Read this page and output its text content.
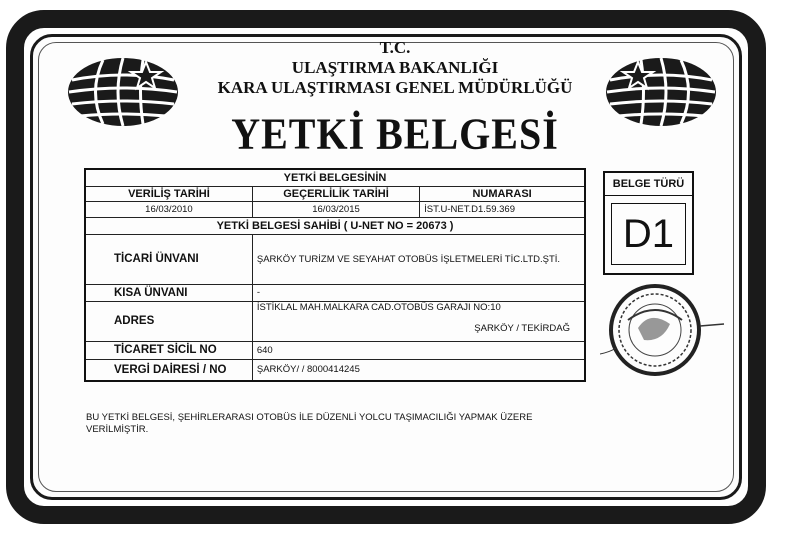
T.C.
ULAŞTIRMA BAKANLIĞI
KARA ULAŞTIRMASI GENEL MÜDÜRLÜĞÜ
YETKİ BELGESİ
YETKİ BELGESİNİN		
VERİLİŞ TARİHİ	GEÇERLİLİK TARİHİ	NUMARASI
16/03/2010	16/03/2015	İST.U-NET.D1.59.369
YETKİ BELGESİ SAHİBİ ( U-NET NO = 20673 )		
TİCARİ ÜNVANI	ŞARKÖY TURİZM VE SEYAHAT OTOBÜS İŞLETMELERİ TİC.LTD.ŞTİ.	
KISA ÜNVANI	-	
ADRES	İSTİKLAL MAH.MALKARA CAD.OTOBÜS GARAJI NO:10
ŞARKÖY / TEKİRDAĞ	

TİCARET SİCİL NO	640	
VERGİ DAİRESİ / NO	ŞARKÖY/ / 8000414245	
BELGE TÜRÜ
D1
BU YETKİ BELGESİ, ŞEHİRLERARASI OTOBÜS İLE DÜZENLİ YOLCU TAŞIMACILIĞI YAPMAK ÜZERE
VERİLMİŞTİR.
